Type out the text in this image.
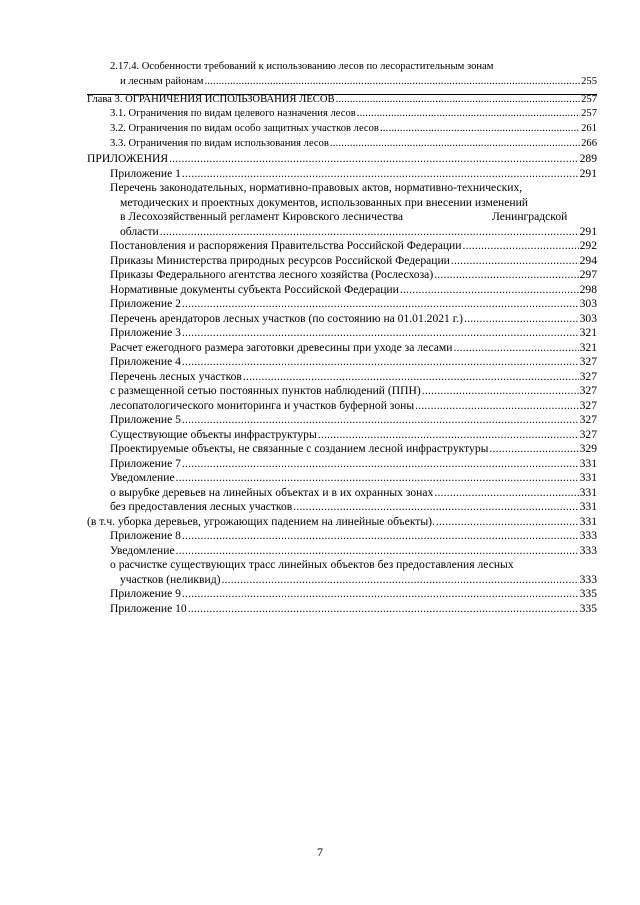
2.17.4. Особенности требований к использованию лесов по лесорастительным зонам
и лесным районам .....	255
Глава 3. ОГРАНИЧЕНИЯ ИСПОЛЬЗОВАНИЯ ЛЕСОВ .....	257
3.1. Ограничения по видам целевого назначения лесов .....	257
3.2. Ограничения по видам особо защитных участков лесов .....	261
3.3. Ограничения по видам использования лесов .....	266
ПРИЛОЖЕНИЯ .....	289
Приложение 1 .....	291
Перечень законодательных, нормативно-правовых актов, нормативно-технических,
методических и проектных документов, использованных при внесении изменений
в Лесохозяйственный регламент Кировского лесничества	Ленинградской
области .....	291
Постановления и распоряжения Правительства Российской Федерации .....	292
Приказы Министерства природных ресурсов Российской Федерации .....	294
Приказы Федерального агентства лесного хозяйства (Рослесхоза) .....	297
Нормативные документы субъекта Российской Федерации .....	298
Приложение 2 .....	303
Перечень арендаторов лесных участков (по состоянию на 01.01.2021 г.) .....	303
Приложение 3 .....	321
Расчет ежегодного размера заготовки древесины при уходе за лесами .....	321
Приложение 4 .....	327
Перечень лесных участков .....	327
с размещенной сетью постоянных пунктов наблюдений (ППН) .....	327
лесопатологического мониторинга и участков буферной зоны .....	327
Приложение 5 .....	327
Существующие объекты инфраструктуры .....	327
Проектируемые объекты, не связанные с созданием лесной инфраструктуры .....	329
Приложение 7 .....	331
Уведомление .....	331
о вырубке деревьев на линейных объектах и в их охранных зонах .....	331
без предоставления лесных участков .....	331
(в т.ч. уборка деревьев, угрожающих падением на линейные объекты). .....	331
Приложение 8 .....	333
Уведомление .....	333
о расчистке существующих трасс линейных объектов без предоставления лесных
участков (неликвид) .....	333
Приложение 9 .....	335
Приложение 10 .....	335
7
